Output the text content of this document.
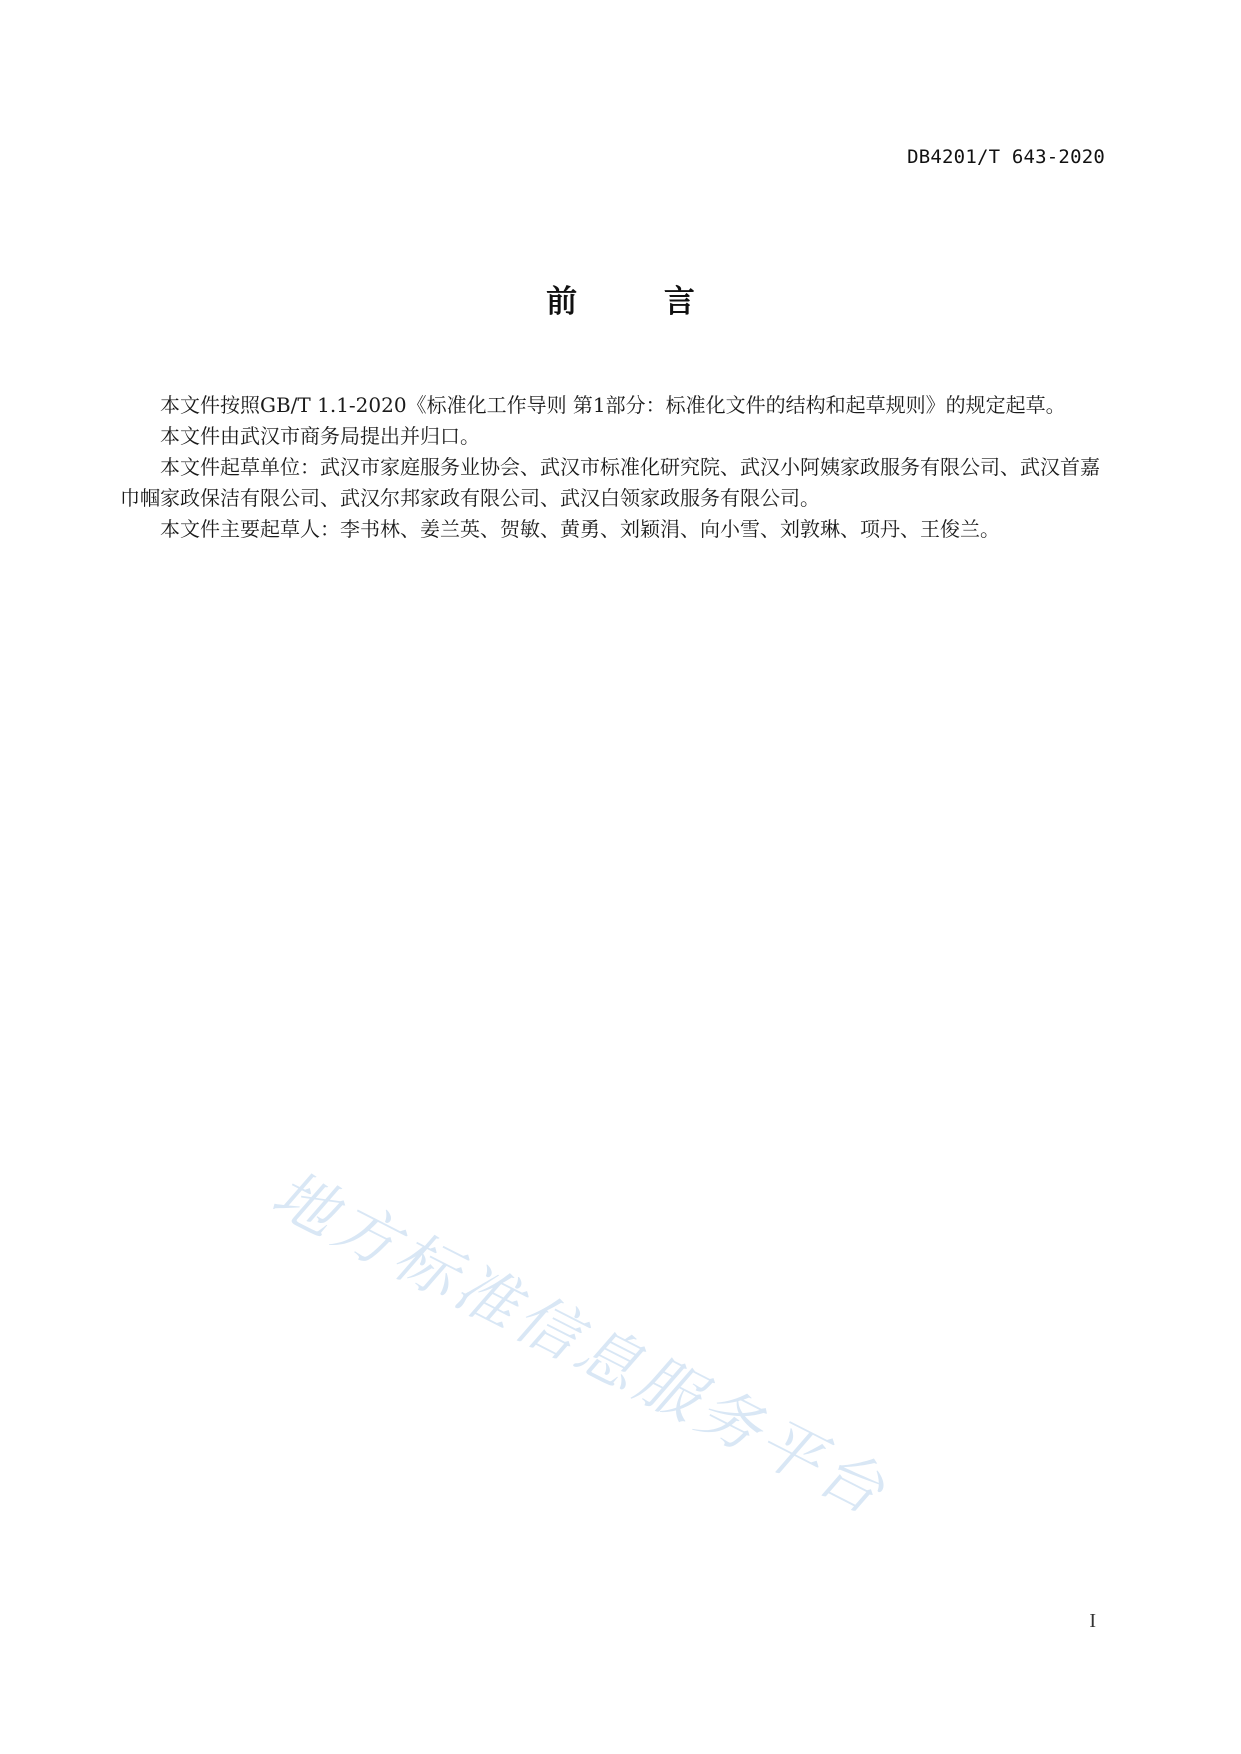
DB4201/T 643-2020
前 言

本文件按照GB/T 1.1-2020《标准化工作导则 第1部分：标准化文件的结构和起草规则》的规定起草。

本文件由武汉市商务局提出并归口。

本文件起草单位：武汉市家庭服务业协会、武汉市标准化研究院、武汉小阿姨家政服务有限公司、武汉首嘉巾帼家政保洁有限公司、武汉尔邦家政有限公司、武汉白领家政服务有限公司。

本文件主要起草人：李书林、姜兰英、贺敏、黄勇、刘颖涓、向小雪、刘敦琳、项丹、王俊兰。

地方标准信息服务平台
I
